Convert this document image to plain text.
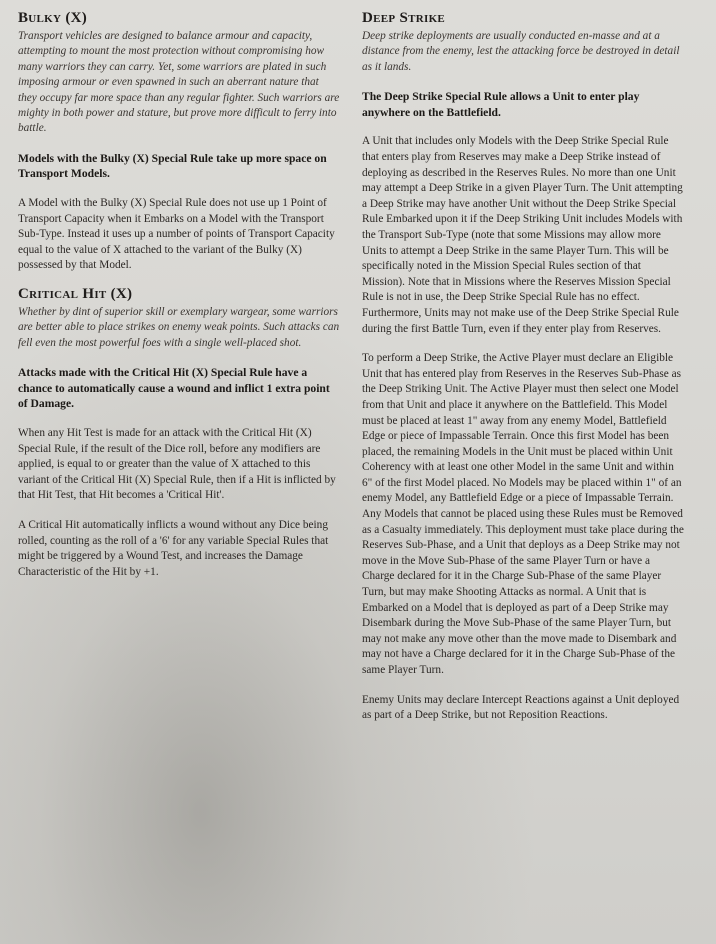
Bulky (X)

Transport vehicles are designed to balance armour and capacity, attempting to mount the most protection without compromising how many warriors they can carry. Yet, some warriors are plated in such imposing armour or even spawned in such an aberrant nature that they occupy far more space than any regular fighter. Such warriors are mighty in both power and stature, but prove more difficult to ferry into battle.

Models with the Bulky (X) Special Rule take up more space on Transport Models.

A Model with the Bulky (X) Special Rule does not use up 1 Point of Transport Capacity when it Embarks on a Model with the Transport Sub-Type. Instead it uses up a number of points of Transport Capacity equal to the value of X attached to the variant of the Bulky (X) possessed by that Model.

Critical Hit (X)

Whether by dint of superior skill or exemplary wargear, some warriors are better able to place strikes on enemy weak points. Such attacks can fell even the most powerful foes with a single well-placed shot.

Attacks made with the Critical Hit (X) Special Rule have a chance to automatically cause a wound and inflict 1 extra point of Damage.

When any Hit Test is made for an attack with the Critical Hit (X) Special Rule, if the result of the Dice roll, before any modifiers are applied, is equal to or greater than the value of X attached to this variant of the Critical Hit (X) Special Rule, then if a Hit is inflicted by that Hit Test, that Hit becomes a 'Critical Hit'.

A Critical Hit automatically inflicts a wound without any Dice being rolled, counting as the roll of a '6' for any variable Special Rules that might be triggered by a Wound Test, and increases the Damage Characteristic of the Hit by +1.

Deep Strike

Deep strike deployments are usually conducted en-masse and at a distance from the enemy, lest the attacking force be destroyed in detail as it lands.

The Deep Strike Special Rule allows a Unit to enter play anywhere on the Battlefield.

A Unit that includes only Models with the Deep Strike Special Rule that enters play from Reserves may make a Deep Strike instead of deploying as described in the Reserves Rules. No more than one Unit may attempt a Deep Strike in a given Player Turn. The Unit attempting a Deep Strike may have another Unit without the Deep Strike Special Rule Embarked upon it if the Deep Striking Unit includes Models with the Transport Sub-Type (note that some Missions may allow more Units to attempt a Deep Strike in the same Player Turn. This will be specifically noted in the Mission Special Rules section of that Mission). Note that in Missions where the Reserves Mission Special Rule is not in use, the Deep Strike Special Rule has no effect. Furthermore, Units may not make use of the Deep Strike Special Rule during the first Battle Turn, even if they enter play from Reserves.

To perform a Deep Strike, the Active Player must declare an Eligible Unit that has entered play from Reserves in the Reserves Sub-Phase as the Deep Striking Unit. The Active Player must then select one Model from that Unit and place it anywhere on the Battlefield. This Model must be placed at least 1" away from any enemy Model, Battlefield Edge or piece of Impassable Terrain. Once this first Model has been placed, the remaining Models in the Unit must be placed within Unit Coherency with at least one other Model in the same Unit and within 6" of the first Model placed. No Models may be placed within 1" of an enemy Model, any Battlefield Edge or a piece of Impassable Terrain. Any Models that cannot be placed using these Rules must be Removed as a Casualty immediately. This deployment must take place during the Reserves Sub-Phase, and a Unit that deploys as a Deep Strike may not move in the Move Sub-Phase of the same Player Turn or have a Charge declared for it in the Charge Sub-Phase of the same Player Turn, but may make Shooting Attacks as normal. A Unit that is Embarked on a Model that is deployed as part of a Deep Strike may Disembark during the Move Sub-Phase of the same Player Turn, but may not make any move other than the move made to Disembark and may not have a Charge declared for it in the Charge Sub-Phase of the same Player Turn.

Enemy Units may declare Intercept Reactions against a Unit deployed as part of a Deep Strike, but not Reposition Reactions.
